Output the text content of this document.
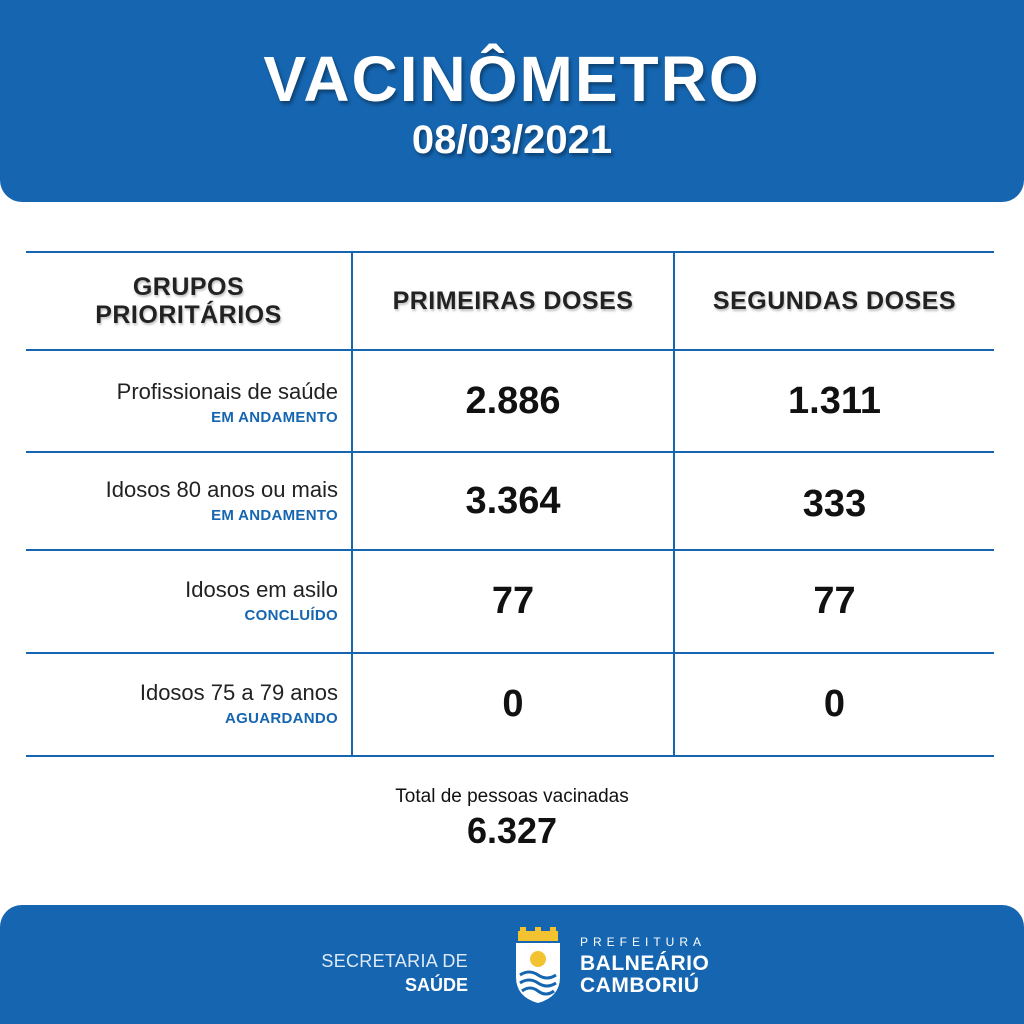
VACINÔMETRO
08/03/2021
GRUPOS
PRIORITÁRIOS	PRIMEIRAS DOSES	SEGUNDAS DOSES
Profissionais de saúde
EM ANDAMENTO	2.886	1.311
Idosos 80 anos ou mais
EM ANDAMENTO	3.364	333
Idosos em asilo
CONCLUÍDO	77	77
Idosos 75 a 79 anos
AGUARDANDO	0	0
Total de pessoas vacinadas
6.327
SECRETARIA DE
SAÚDE
PREFEITURA
BALNEÁRIO
CAMBORIÚ
